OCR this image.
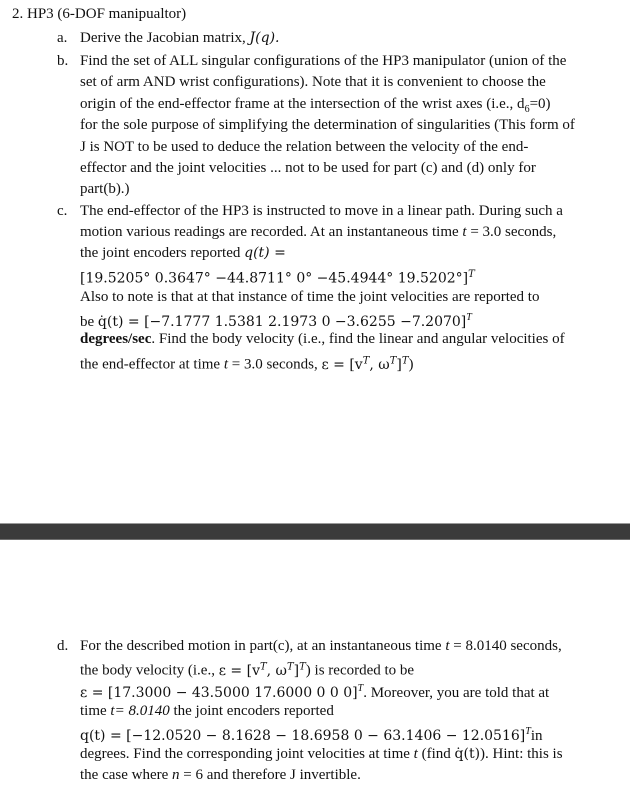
2. HP3 (6-DOF manipualtor)
a. Derive the Jacobian matrix, J(q).
b. Find the set of ALL singular configurations of the HP3 manipulator (union of the
set of arm AND wrist configurations). Note that it is convenient to choose the
origin of the end-effector frame at the intersection of the wrist axes (i.e., $d_6=0$)
for the sole purpose of simplifying the determination of singularities (This form of
J is NOT to be used to deduce the relation between the velocity of the end-
effector and the joint velocities ... not to be used for part (c) and (d) only for
part(b).)
c. The end-effector of the HP3 is instructed to move in a linear path. During such a
motion various readings are recorded. At an instantaneous time t = 3.0 seconds,
the joint encoders reported q(t) =
[19.5205° 0.3647° −44.8711° 0° −45.4944° 19.5202°]$^T$
Also to note is that at that instance of time the joint velocities are reported to
be q̇(t) = [−7.1777 1.5381 2.1973 0 −3.6255 −7.2070]$^T$
degrees/sec. Find the body velocity (i.e., find the linear and angular velocities of
the end-effector at time t = 3.0 seconds, $\varepsilon = [v^T$, $\omega^T]^T$)
d. For the described motion in part(c), at an instantaneous time t = 8.0140 seconds,
the body velocity (i.e., $\varepsilon = [v^T$, $\omega^T]^T$) is recorded to be
ε = [17.3000 − 43.5000 17.6000 0 0 0]$^T$. Moreover, you are told that at
time t= 8.0140 the joint encoders reported
q(t) = [−12.0520 − 8.1628 − 18.6958 0 − 63.1406 − 12.0516]$^T$in
degrees. Find the corresponding joint velocities at time t (find q̇(t)). Hint: this is
the case where n = 6 and therefore J invertible.
